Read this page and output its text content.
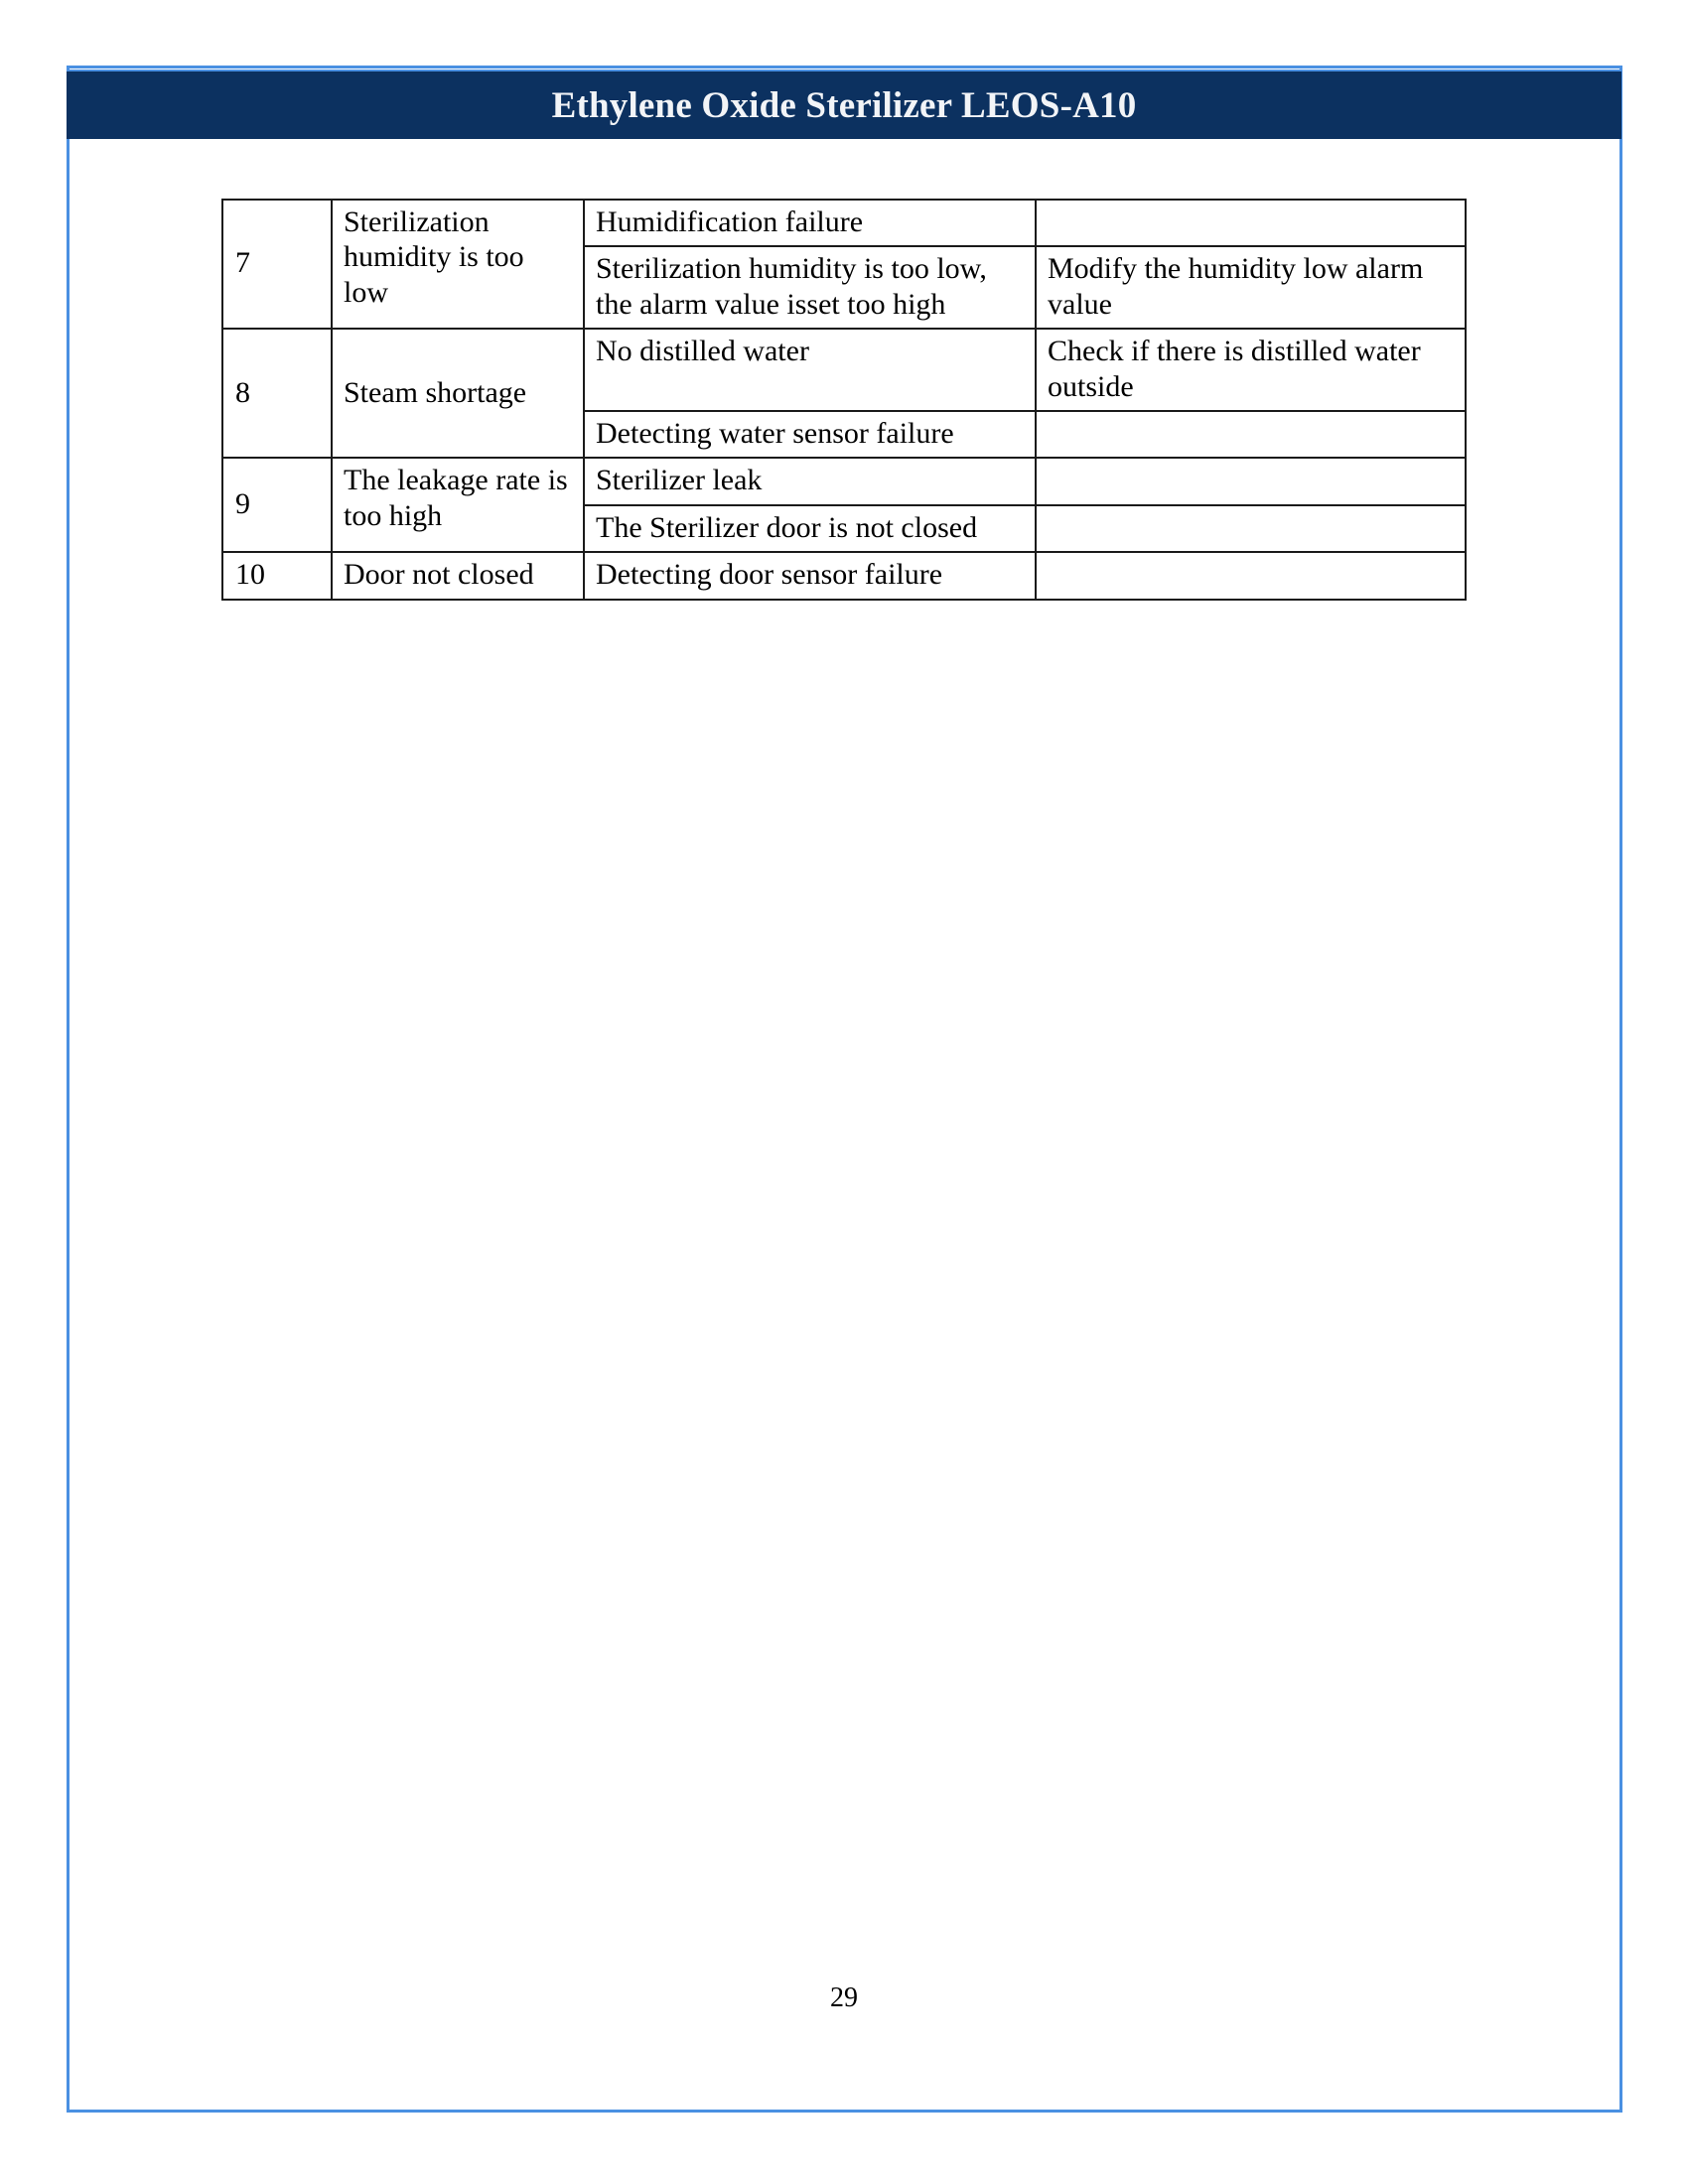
Ethylene Oxide Sterilizer LEOS-A10
7	Sterilization humidity is too low	Humidification failure	
		Sterilization humidity is too low, the alarm value isset too high	Modify the humidity low alarm value
8	Steam shortage	No distilled water	Check if there is distilled water outside
		Detecting water sensor failure	
9	The leakage rate is too high	Sterilizer leak	
		The Sterilizer door is not closed	
10	Door not closed	Detecting door sensor failure	
29
